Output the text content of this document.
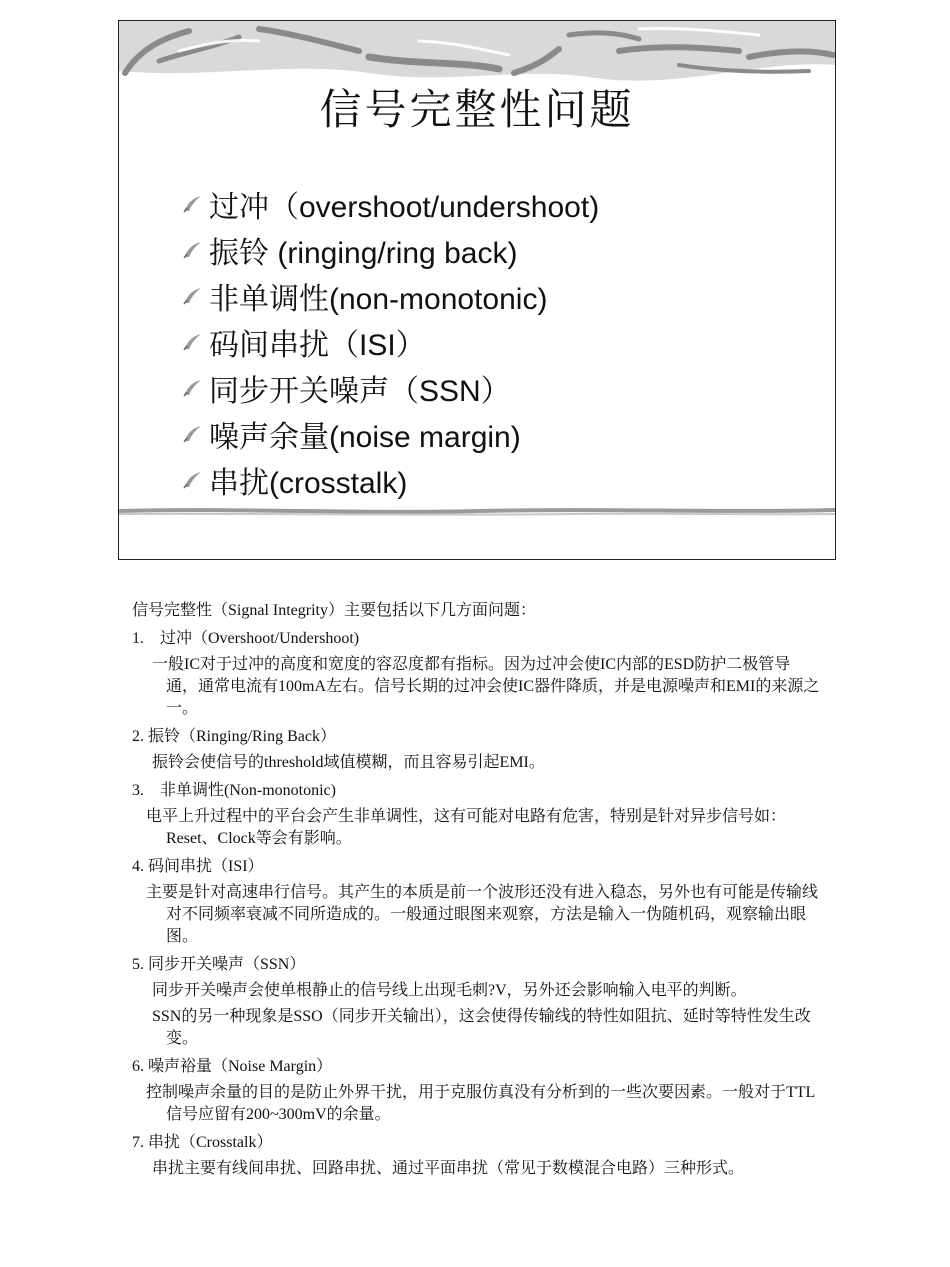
信号完整性问题
过冲（overshoot/undershoot)
振铃 (ringing/ring back)
非单调性(non-monotonic)
码间串扰（ISI）
同步开关噪声（SSN）
噪声余量(noise margin)
串扰(crosstalk)

信号完整性（Signal Integrity）主要包括以下几方面问题：

1.    过冲（Overshoot/Undershoot)

一般IC对于过冲的高度和宽度的容忍度都有指标。因为过冲会使IC内部的ESD防护二极管导通，通常电流有100mA左右。信号长期的过冲会使IC器件降质，并是电源噪声和EMI的来源之一。

2. 振铃（Ringing/Ring Back）

振铃会使信号的threshold域值模糊，而且容易引起EMI。

3.    非单调性(Non-monotonic)

电平上升过程中的平台会产生非单调性，这有可能对电路有危害，特别是针对异步信号如：Reset、Clock等会有影响。

4. 码间串扰（ISI）

主要是针对高速串行信号。其产生的本质是前一个波形还没有进入稳态，另外也有可能是传输线对不同频率衰减不同所造成的。一般通过眼图来观察，方法是输入一伪随机码，观察输出眼图。

5. 同步开关噪声（SSN）

同步开关噪声会使单根静止的信号线上出现毛刺?V，另外还会影响输入电平的判断。

SSN的另一种现象是SSO（同步开关输出），这会使得传输线的特性如阻抗、延时等特性发生改变。

6. 噪声裕量（Noise Margin）

控制噪声余量的目的是防止外界干扰，用于克服仿真没有分析到的一些次要因素。一般对于TTL信号应留有200~300mV的余量。

7. 串扰（Crosstalk）

串扰主要有线间串扰、回路串扰、通过平面串扰（常见于数模混合电路）三种形式。
